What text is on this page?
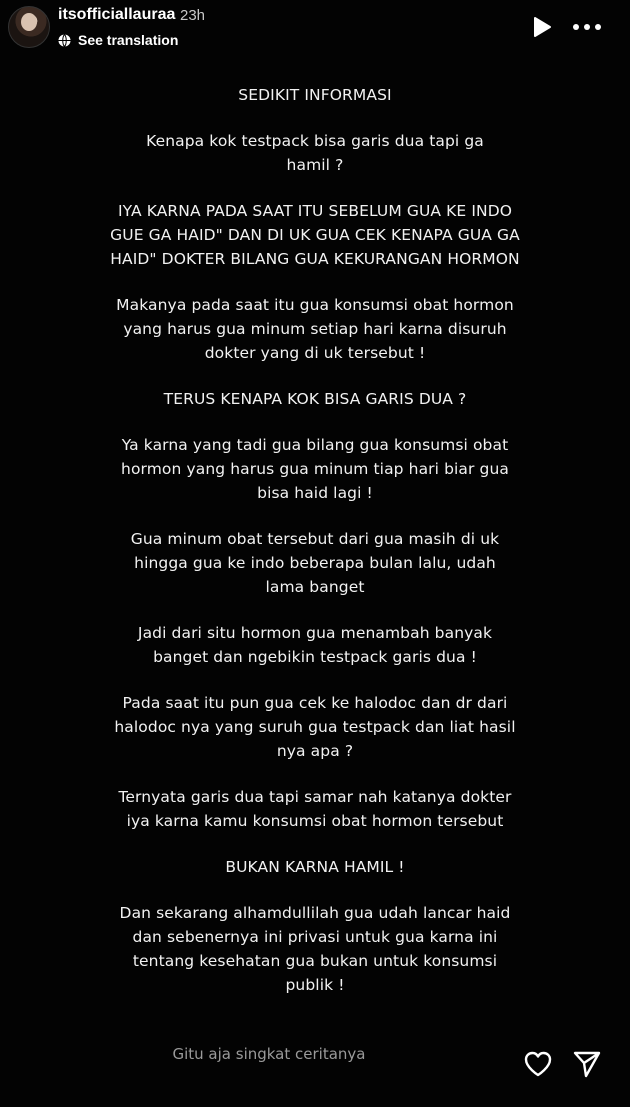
itsofficiallauraa 23h
See translation

SEDIKIT INFORMASI

Kenapa kok testpack bisa garis dua tapi ga
hamil ?

IYA KARNA PADA SAAT ITU SEBELUM GUA KE INDO
GUE GA HAID" DAN DI UK GUA CEK KENAPA GUA GA
HAID" DOKTER BILANG GUA KEKURANGAN HORMON

Makanya pada saat itu gua konsumsi obat hormon
yang harus gua minum setiap hari karna disuruh
dokter yang di uk tersebut !

TERUS KENAPA KOK BISA GARIS DUA ?

Ya karna yang tadi gua bilang gua konsumsi obat
hormon yang harus gua minum tiap hari biar gua
bisa haid lagi !

Gua minum obat tersebut dari gua masih di uk
hingga gua ke indo beberapa bulan lalu, udah
lama banget

Jadi dari situ hormon gua menambah banyak
banget dan ngebikin testpack garis dua !

Pada saat itu pun gua cek ke halodoc dan dr dari
halodoc nya yang suruh gua testpack dan liat hasil
nya apa ?

Ternyata garis dua tapi samar nah katanya dokter
iya karna kamu konsumsi obat hormon tersebut

BUKAN KARNA HAMIL !

Dan sekarang alhamdullilah gua udah lancar haid
dan sebenernya ini privasi untuk gua karna ini
tentang kesehatan gua bukan untuk konsumsi
publik !

Gitu aja singkat ceritanya
